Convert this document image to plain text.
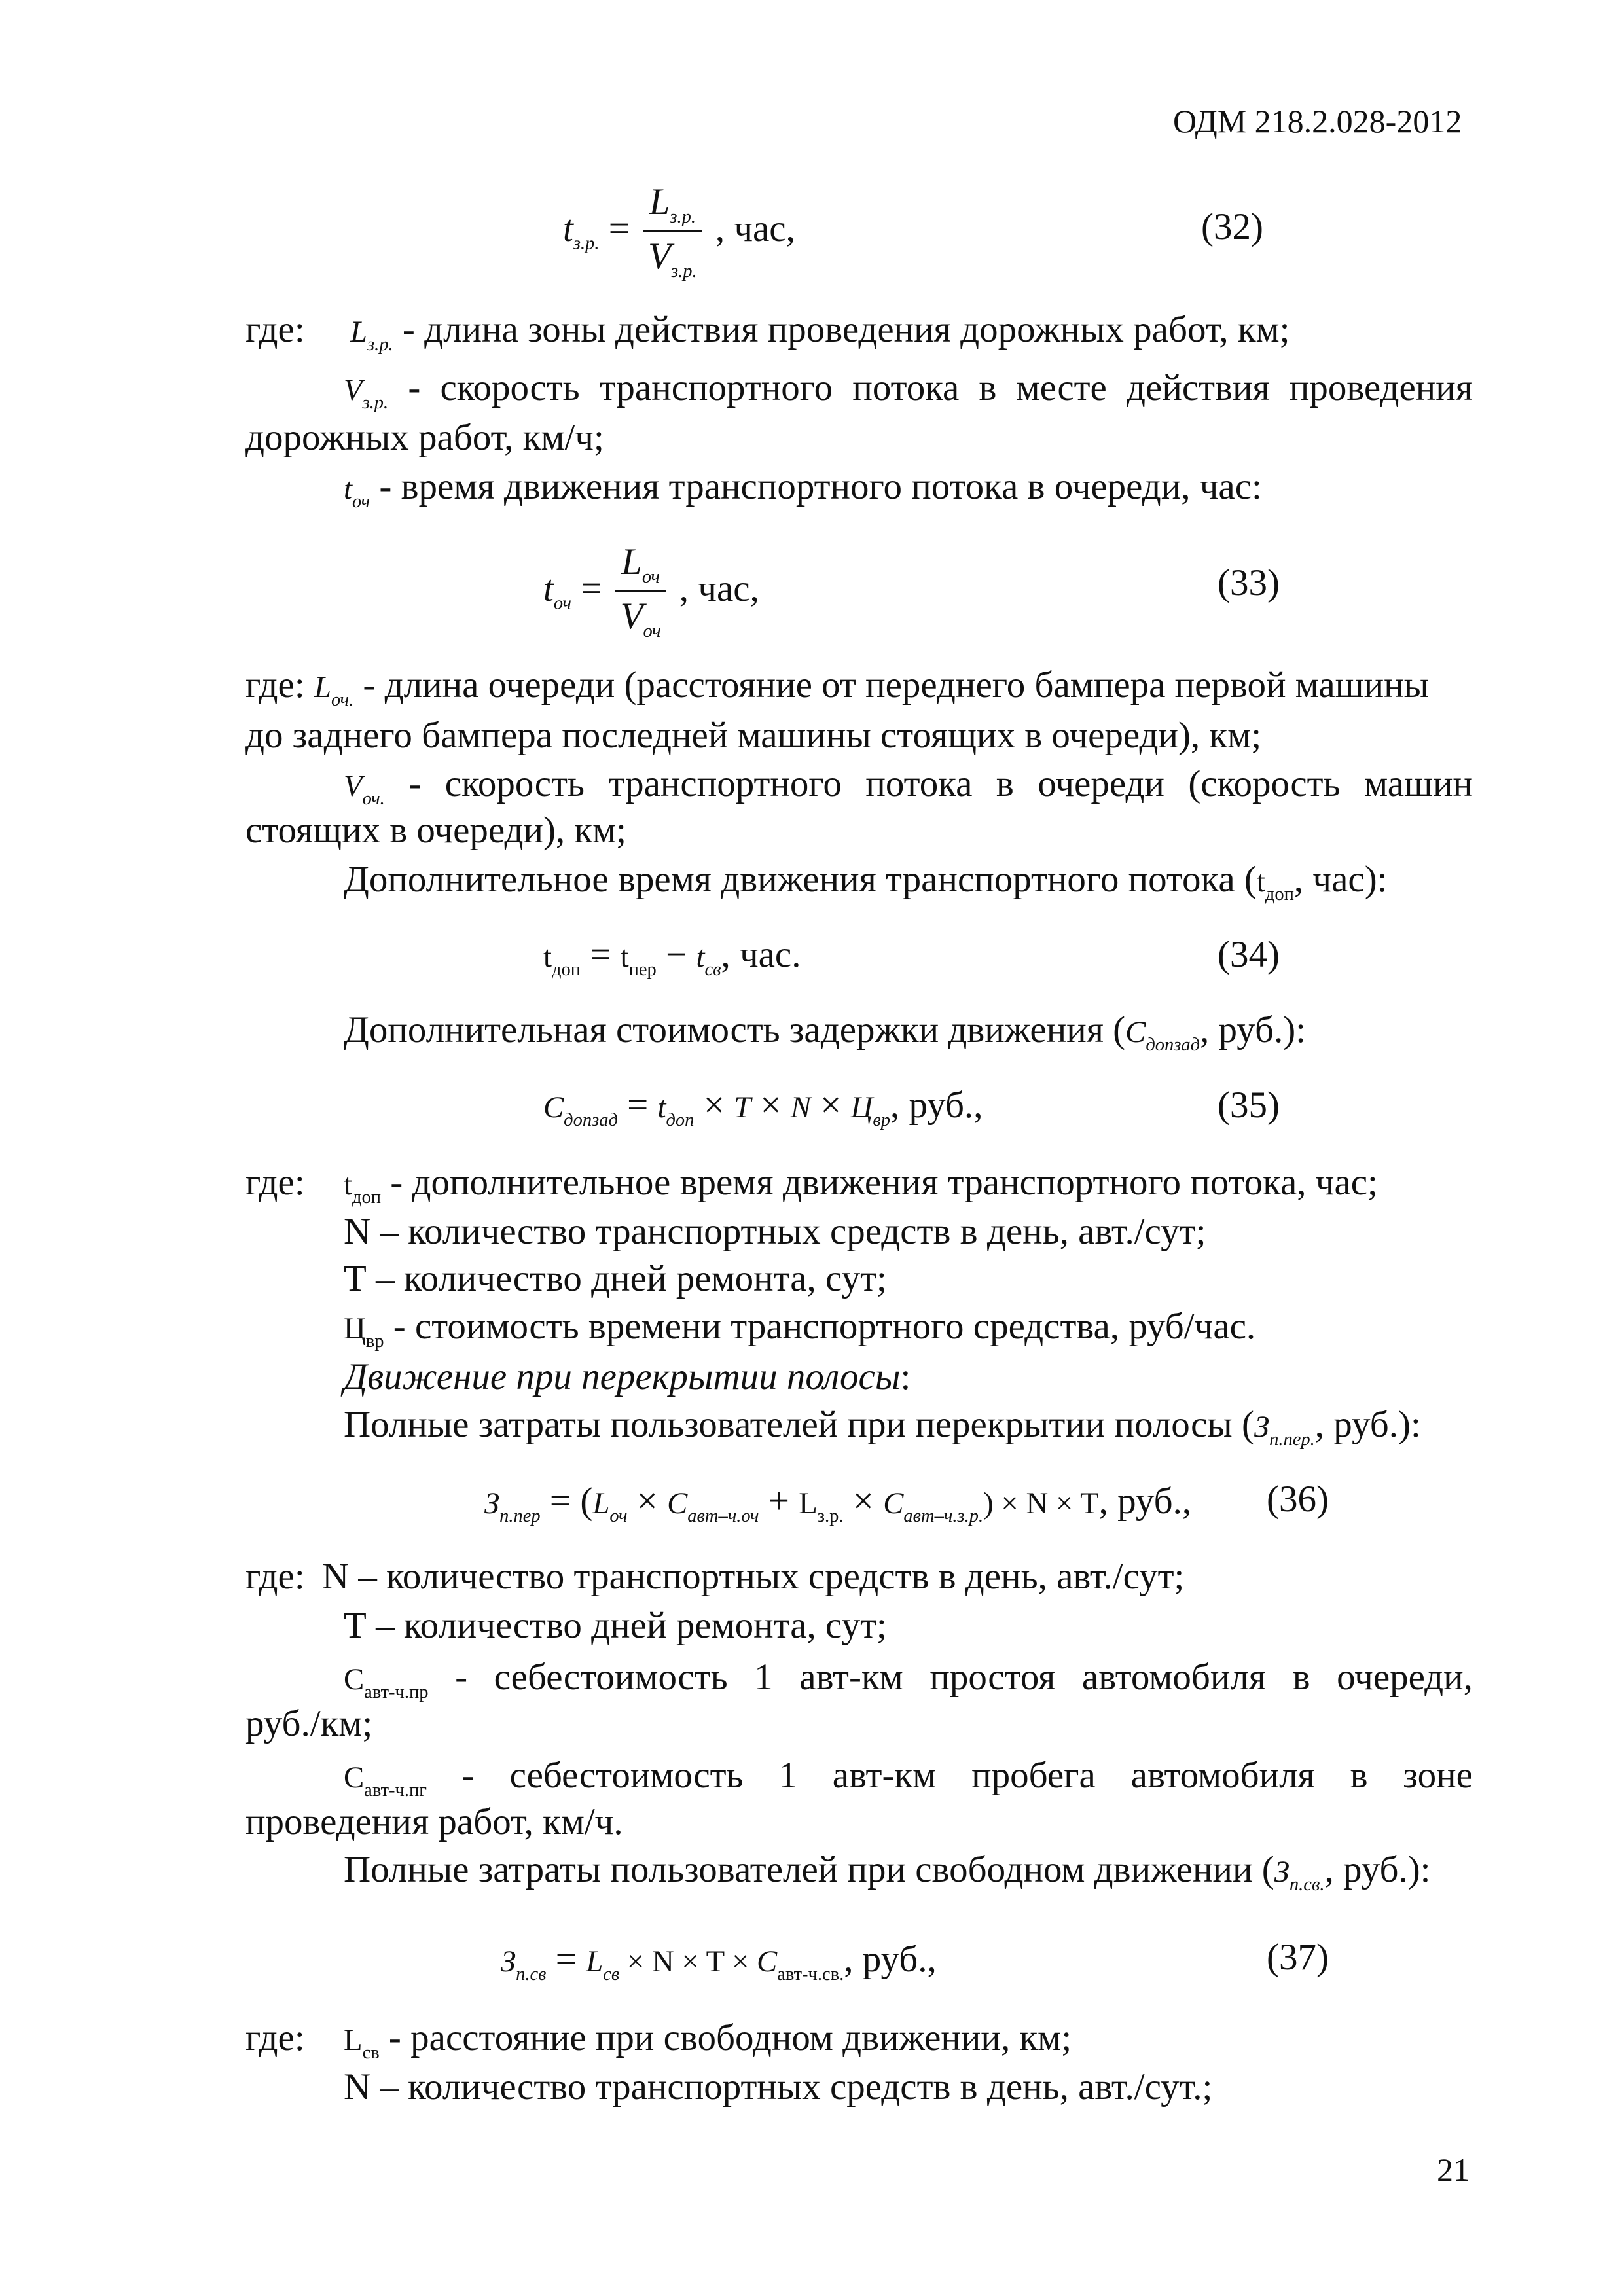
ОДМ 218.2.028-2012
$t_{з.р.} = \frac{L_{з.р.}}{V_{з.р.}}$ , час,	(32)
где: $L_{з.р.}$ - длина зоны действия проведения дорожных работ, км;
$V_{з.р.}$ - скорость транспортного потока в месте действия проведения
дорожных работ, км/ч;
$t_{оч}$ - время движения транспортного потока в очереди, час:
$t_{оч} = \frac{L_{оч}}{V_{оч}}$ , час,	(33)
где: $L_{оч.}$ - длина очереди (расстояние от переднего бампера первой машины
до заднего бампера последней машины стоящих в очереди), км;
$V_{оч.}$ - скорость транспортного потока в очереди (скорость машин
стоящих в очереди), км;
Дополнительное время движения транспортного потока ($t_{доп}$, час):
$t_{доп} = t_{пер} - t_{св}$, час.	(34)
Дополнительная стоимость задержки движения ($C_{допзад}$, руб.):
$C_{допзад} = t_{доп} \times T \times N \times Ц_{вр}$, руб.,	(35)
где: $t_{доп}$ - дополнительное время движения транспортного потока, час;
N – количество транспортных средств в день, авт./сут;
Т – количество дней ремонта, сут;
$Ц_{вр}$ - стоимость времени транспортного средства, руб/час.
Движение при перекрытии полосы:
Полные затраты пользователей при перекрытии полосы ($З_{п.пер.}$, руб.):
$З_{п.пер} = (L_{оч} \times C_{авт-ч.оч} + L_{з.р.} \times C_{авт-ч.з.р.}) \times N \times T$, руб., (36)
где: N – количество транспортных средств в день, авт./сут;
Т – количество дней ремонта, сут;
$С_{авт-ч.пр}$ - себестоимость 1 авт-км простоя автомобиля в очереди,
руб./км;
$С_{авт-ч.пг}$ - себестоимость 1 авт-км пробега автомобиля в зоне
проведения работ, км/ч.
Полные затраты пользователей при свободном движении ($З_{п.св.}$, руб.):
$З_{п.св} = L_{св} \times N \times T \times C_{авт-ч.св.}$, руб.,	(37)
где: $L_{св}$ - расстояние при свободном движении, км;
N – количество транспортных средств в день, авт./сут.;
21
